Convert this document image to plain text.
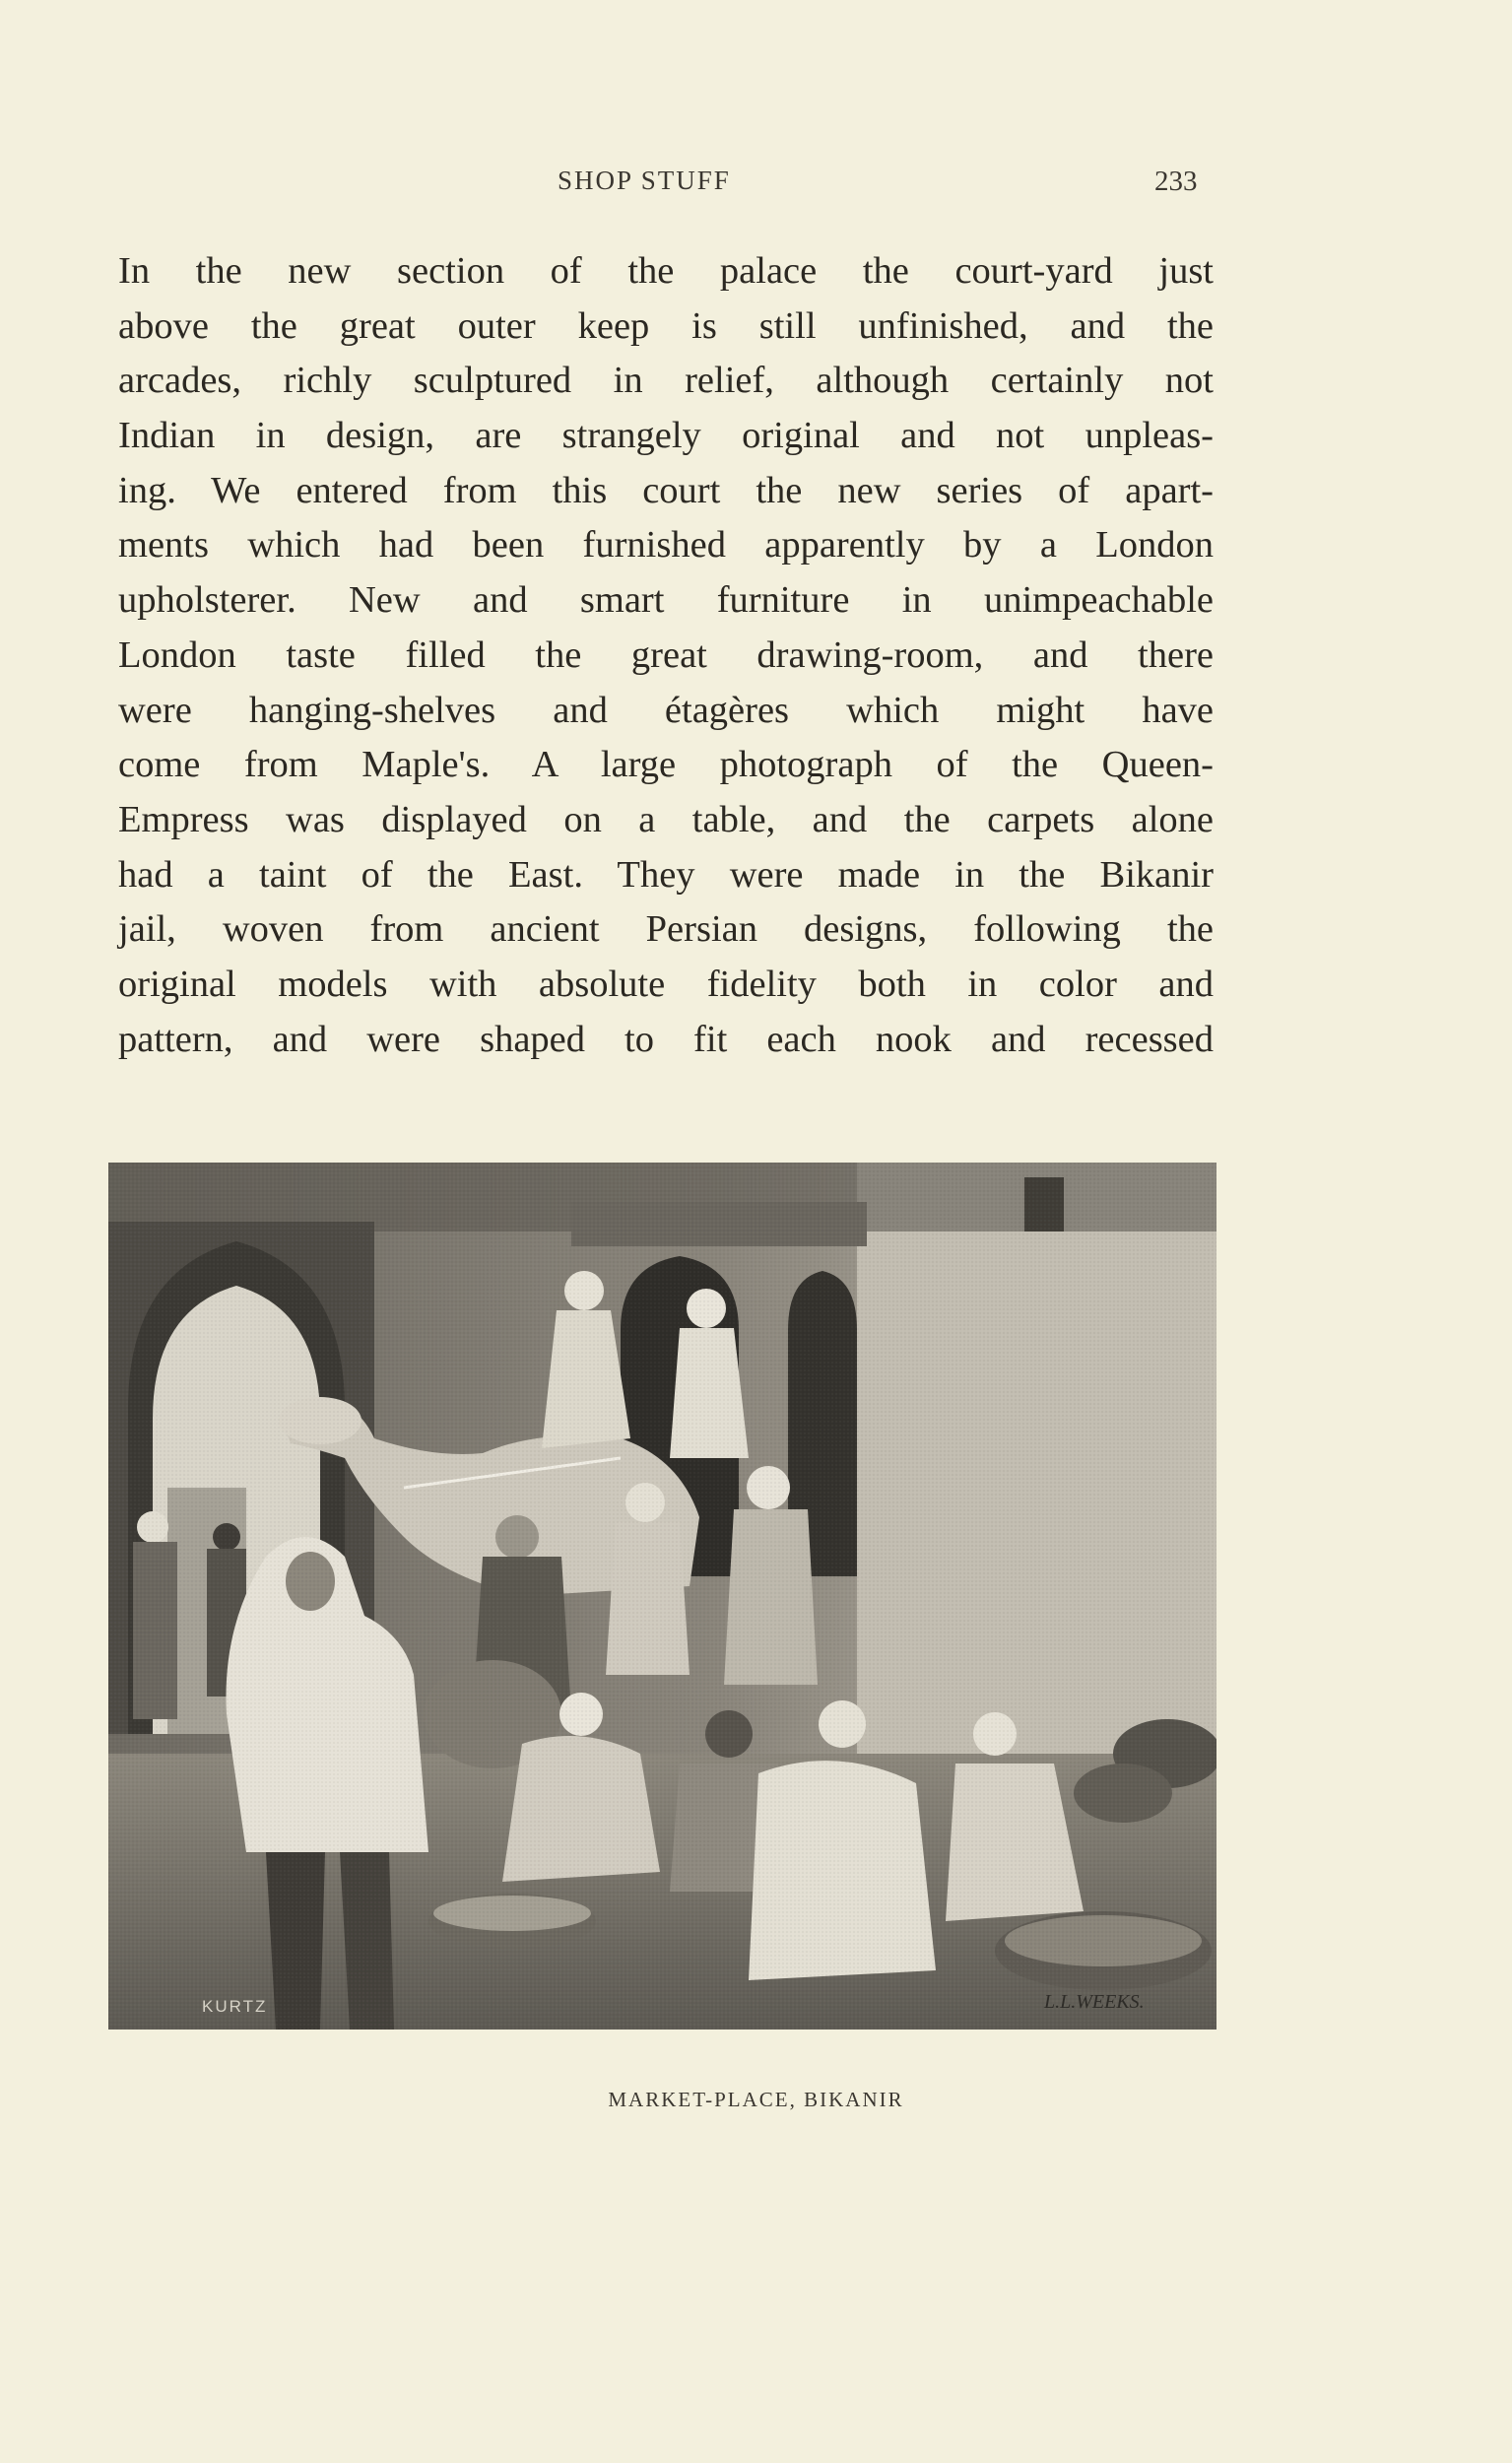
SHOP STUFF	233
In the new section of the palace the court-yard just
above the great outer keep is still unfinished, and the
arcades, richly sculptured in relief, although certainly not
Indian in design, are strangely original and not unpleas-
ing. We entered from this court the new series of apart-
ments which had been furnished apparently by a London
upholsterer. New and smart furniture in unimpeachable
London taste filled the great drawing-room, and there
were hanging-shelves and étagères which might have
come from Maple's. A large photograph of the Queen-
Empress was displayed on a table, and the carpets alone
had a taint of the East. They were made in the Bikanir
jail, woven from ancient Persian designs, following the
original models with absolute fidelity both in color and
pattern, and were shaped to fit each nook and recessed
KURTZ	L.L.WEEKS.
MARKET-PLACE, BIKANIR
